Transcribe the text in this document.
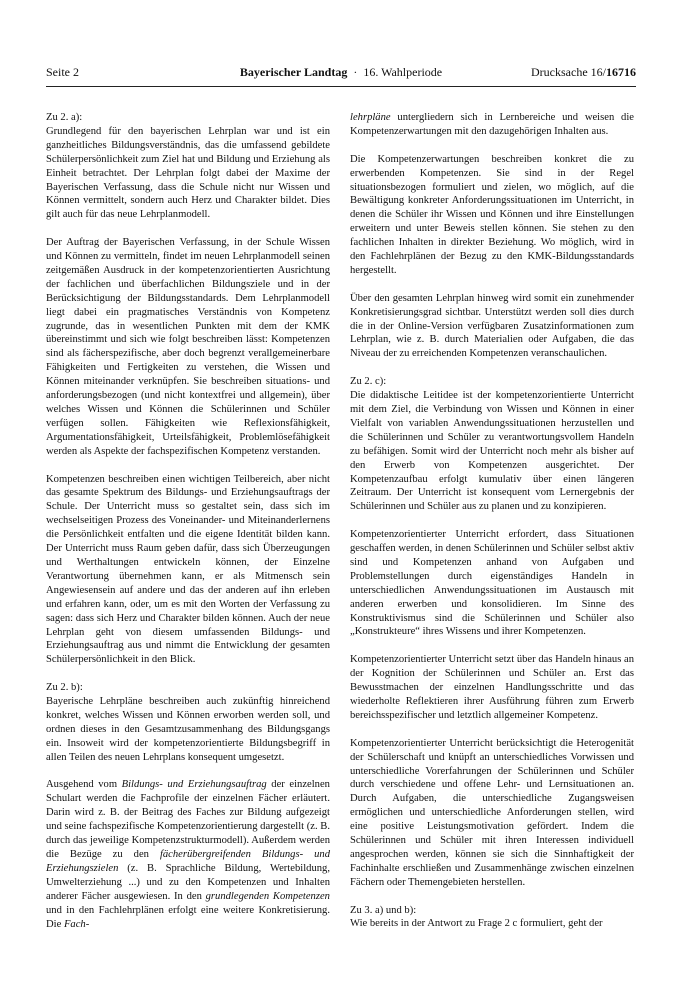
Seite 2	Bayerischer Landtag · 16. Wahlperiode	Drucksache 16/16716

Zu 2. a):

Grundlegend für den bayerischen Lehrplan war und ist ein ganzheitliches Bildungsverständnis, das die umfassend gebildete Schülerpersönlichkeit zum Ziel hat und Bildung und Erziehung als Einheit betrachtet. Der Lehrplan folgt dabei der Maxime der Bayerischen Verfassung, dass die Schule nicht nur Wissen und Können vermittelt, sondern auch Herz und Charakter bildet. Dies gilt auch für das neue Lehrplanmodell.

Der Auftrag der Bayerischen Verfassung, in der Schule Wissen und Können zu vermitteln, findet im neuen Lehrplanmodell seinen zeitgemäßen Ausdruck in der kompetenzorientierten Ausrichtung der fachlichen und überfachlichen Bildungsziele und in der Berücksichtigung der Bildungsstandards. Dem Lehrplanmodell liegt dabei ein pragmatisches Verständnis von Kompetenz zugrunde, das in wesentlichen Punkten mit dem der KMK übereinstimmt und sich wie folgt beschreiben lässt: Kompetenzen sind als fächerspezifische, aber doch begrenzt verallgemeinerbare Fähigkeiten und Fertigkeiten zu verstehen, die Wissen und Können miteinander verknüpfen. Sie beschreiben situations- und anforderungsbezogen (und nicht kontextfrei und allgemein), über welches Wissen und Können die Schülerinnen und Schüler verfügen sollen. Fähigkeiten wie Reflexionsfähigkeit, Argumentationsfähigkeit, Urteilsfähigkeit, Problemlösefähigkeit werden als Aspekte der fachspezifischen Kompetenz verstanden.

Kompetenzen beschreiben einen wichtigen Teilbereich, aber nicht das gesamte Spektrum des Bildungs- und Erziehungsauftrags der Schule. Der Unterricht muss so gestaltet sein, dass sich im wechselseitigen Prozess des Voneinander- und Miteinanderlernens die Persönlichkeit entfalten und die eigene Identität bilden kann. Der Unterricht muss Raum geben dafür, dass sich Überzeugungen und Werthaltungen entwickeln können, der Einzelne Verantwortung übernehmen kann, er als Mitmensch sein Angewiesensein auf andere und das der anderen auf ihn erleben und erfahren kann, oder, um es mit den Worten der Verfassung zu sagen: dass sich Herz und Charakter bilden können. Auch der neue Lehrplan geht von diesem umfassenden Bildungs- und Erziehungsauftrag aus und nimmt die Entwicklung der gesamten Schülerpersönlichkeit in den Blick.

Zu 2. b):

Bayerische Lehrpläne beschreiben auch zukünftig hinreichend konkret, welches Wissen und Können erworben werden soll, und ordnen dieses in den Gesamtzusammenhang des Bildungsgangs ein. Insoweit wird der kompetenzorientierte Bildungsbegriff in allen Teilen des neuen Lehrplans konsequent umgesetzt.

Ausgehend vom Bildungs- und Erziehungsauftrag der einzelnen Schulart werden die Fachprofile der einzelnen Fächer erläutert. Darin wird z. B. der Beitrag des Faches zur Bildung aufgezeigt und seine fachspezifische Kompetenzorientierung dargestellt (z. B. durch das jeweilige Kompetenzstrukturmodell). Außerdem werden die Bezüge zu den fächerübergreifenden Bildungs- und Erziehungszielen (z. B. Sprachliche Bildung, Wertebildung, Umwelterziehung ...) und zu den Kompetenzen und Inhalten anderer Fächer ausgewiesen. In den grundlegenden Kompetenzen und in den Fachlehrplänen erfolgt eine weitere Konkretisierung. Die Fach-

lehrpläne untergliedern sich in Lernbereiche und weisen die Kompetenzerwartungen mit den dazugehörigen Inhalten aus.

Die Kompetenzerwartungen beschreiben konkret die zu erwerbenden Kompetenzen. Sie sind in der Regel situationsbezogen formuliert und zielen, wo möglich, auf die Bewältigung konkreter Anforderungssituationen im Unterricht, in denen die Schüler ihr Wissen und Können und ihre Einstellungen erweitern und unter Beweis stellen können. Sie stehen zu den fachlichen Inhalten in direkter Beziehung. Wo möglich, wird in den Fachlehrplänen der Bezug zu den KMK-Bildungsstandards hergestellt.

Über den gesamten Lehrplan hinweg wird somit ein zunehmender Konkretisierungsgrad sichtbar. Unterstützt werden soll dies durch die in der Online-Version verfügbaren Zusatzinformationen zum Lehrplan, wie z. B. durch Materialien oder Aufgaben, die das Niveau der zu erreichenden Kompetenzen veranschaulichen.

Zu 2. c):

Die didaktische Leitidee ist der kompetenzorientierte Unterricht mit dem Ziel, die Verbindung von Wissen und Können in einer Vielfalt von variablen Anwendungssituationen herzustellen und die Schülerinnen und Schüler zu verantwortungsvollem Handeln zu befähigen. Somit wird der Unterricht noch mehr als bisher auf den Erwerb von Kompetenzen ausgerichtet. Der Kompetenzaufbau erfolgt kumulativ über einen längeren Zeitraum. Der Unterricht ist konsequent vom Lernergebnis der Schülerinnen und Schüler aus zu planen und zu konzipieren.

Kompetenzorientierter Unterricht erfordert, dass Situationen geschaffen werden, in denen Schülerinnen und Schüler selbst aktiv sind und Kompetenzen anhand von Aufgaben und Problemstellungen durch eigenständiges Handeln in unterschiedlichen Anwendungssituationen im Austausch mit anderen erwerben und konsolidieren. Im Sinne des Konstruktivismus sind die Schülerinnen und Schüler also „Konstrukteure“ ihres Wissens und ihrer Kompetenzen.

Kompetenzorientierter Unterricht setzt über das Handeln hinaus an der Kognition der Schülerinnen und Schüler an. Erst das Bewusstmachen der einzelnen Handlungsschritte und das wiederholte Reflektieren ihrer Ausführung führen zum Erwerb bereichsspezifischer und letztlich allgemeiner Kompetenz.

Kompetenzorientierter Unterricht berücksichtigt die Heterogenität der Schülerschaft und knüpft an unterschiedliches Vorwissen und unterschiedliche Vorerfahrungen der Schülerinnen und Schüler durch verschiedene und offene Lehr- und Lernsituationen an. Durch Aufgaben, die unterschiedliche Zugangsweisen ermöglichen und unterschiedliche Anforderungen stellen, wird eine positive Leistungsmotivation gefördert. Indem die Schülerinnen und Schüler mit ihren Interessen individuell angesprochen werden, können sie sich die Sinnhaftigkeit der Fachinhalte erschließen und Zusammenhänge zwischen einzelnen Fächern oder Themengebieten herstellen.

Zu 3. a) und b):

Wie bereits in der Antwort zu Frage 2 c formuliert, geht der
